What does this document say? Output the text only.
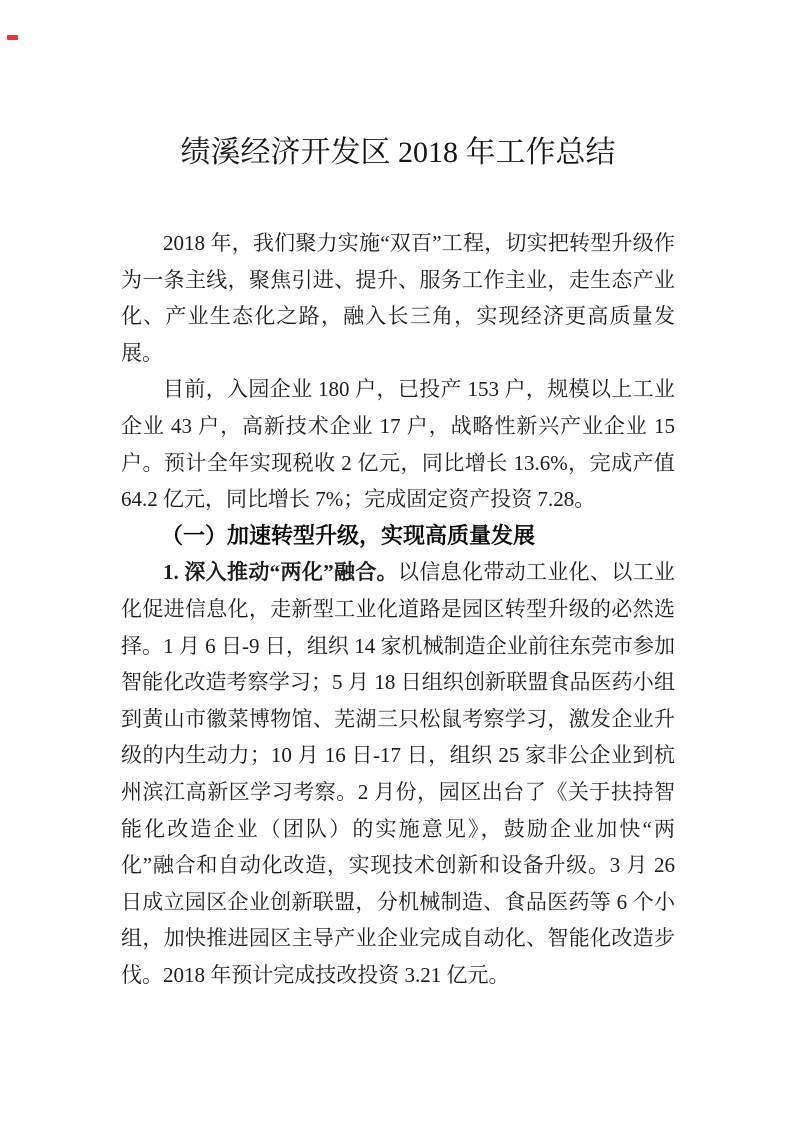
绩溪经济开发区 2018 年工作总结

2018 年，我们聚力实施“双百”工程，切实把转型升级作为一条主线，聚焦引进、提升、服务工作主业，走生态产业化、产业生态化之路，融入长三角，实现经济更高质量发展。

目前，入园企业 180 户，已投产 153 户，规模以上工业企业 43 户，高新技术企业 17 户，战略性新兴产业企业 15 户。预计全年实现税收 2 亿元，同比增长 13.6%，完成产值 64.2 亿元，同比增长 7%；完成固定资产投资 7.28。

（一）加速转型升级，实现高质量发展

1. 深入推动“两化”融合。以信息化带动工业化、以工业化促进信息化，走新型工业化道路是园区转型升级的必然选择。1 月 6 日-9 日，组织 14 家机械制造企业前往东莞市参加智能化改造考察学习；5 月 18 日组织创新联盟食品医药小组到黄山市徽菜博物馆、芜湖三只松鼠考察学习，激发企业升级的内生动力；10 月 16 日-17 日，组织 25 家非公企业到杭州滨江高新区学习考察。2 月份，园区出台了《关于扶持智能化改造企业（团队）的实施意见》，鼓励企业加快“两化”融合和自动化改造，实现技术创新和设备升级。3 月 26 日成立园区企业创新联盟，分机械制造、食品医药等 6 个小组，加快推进园区主导产业企业完成自动化、智能化改造步伐。2018 年预计完成技改投资 3.21 亿元。
